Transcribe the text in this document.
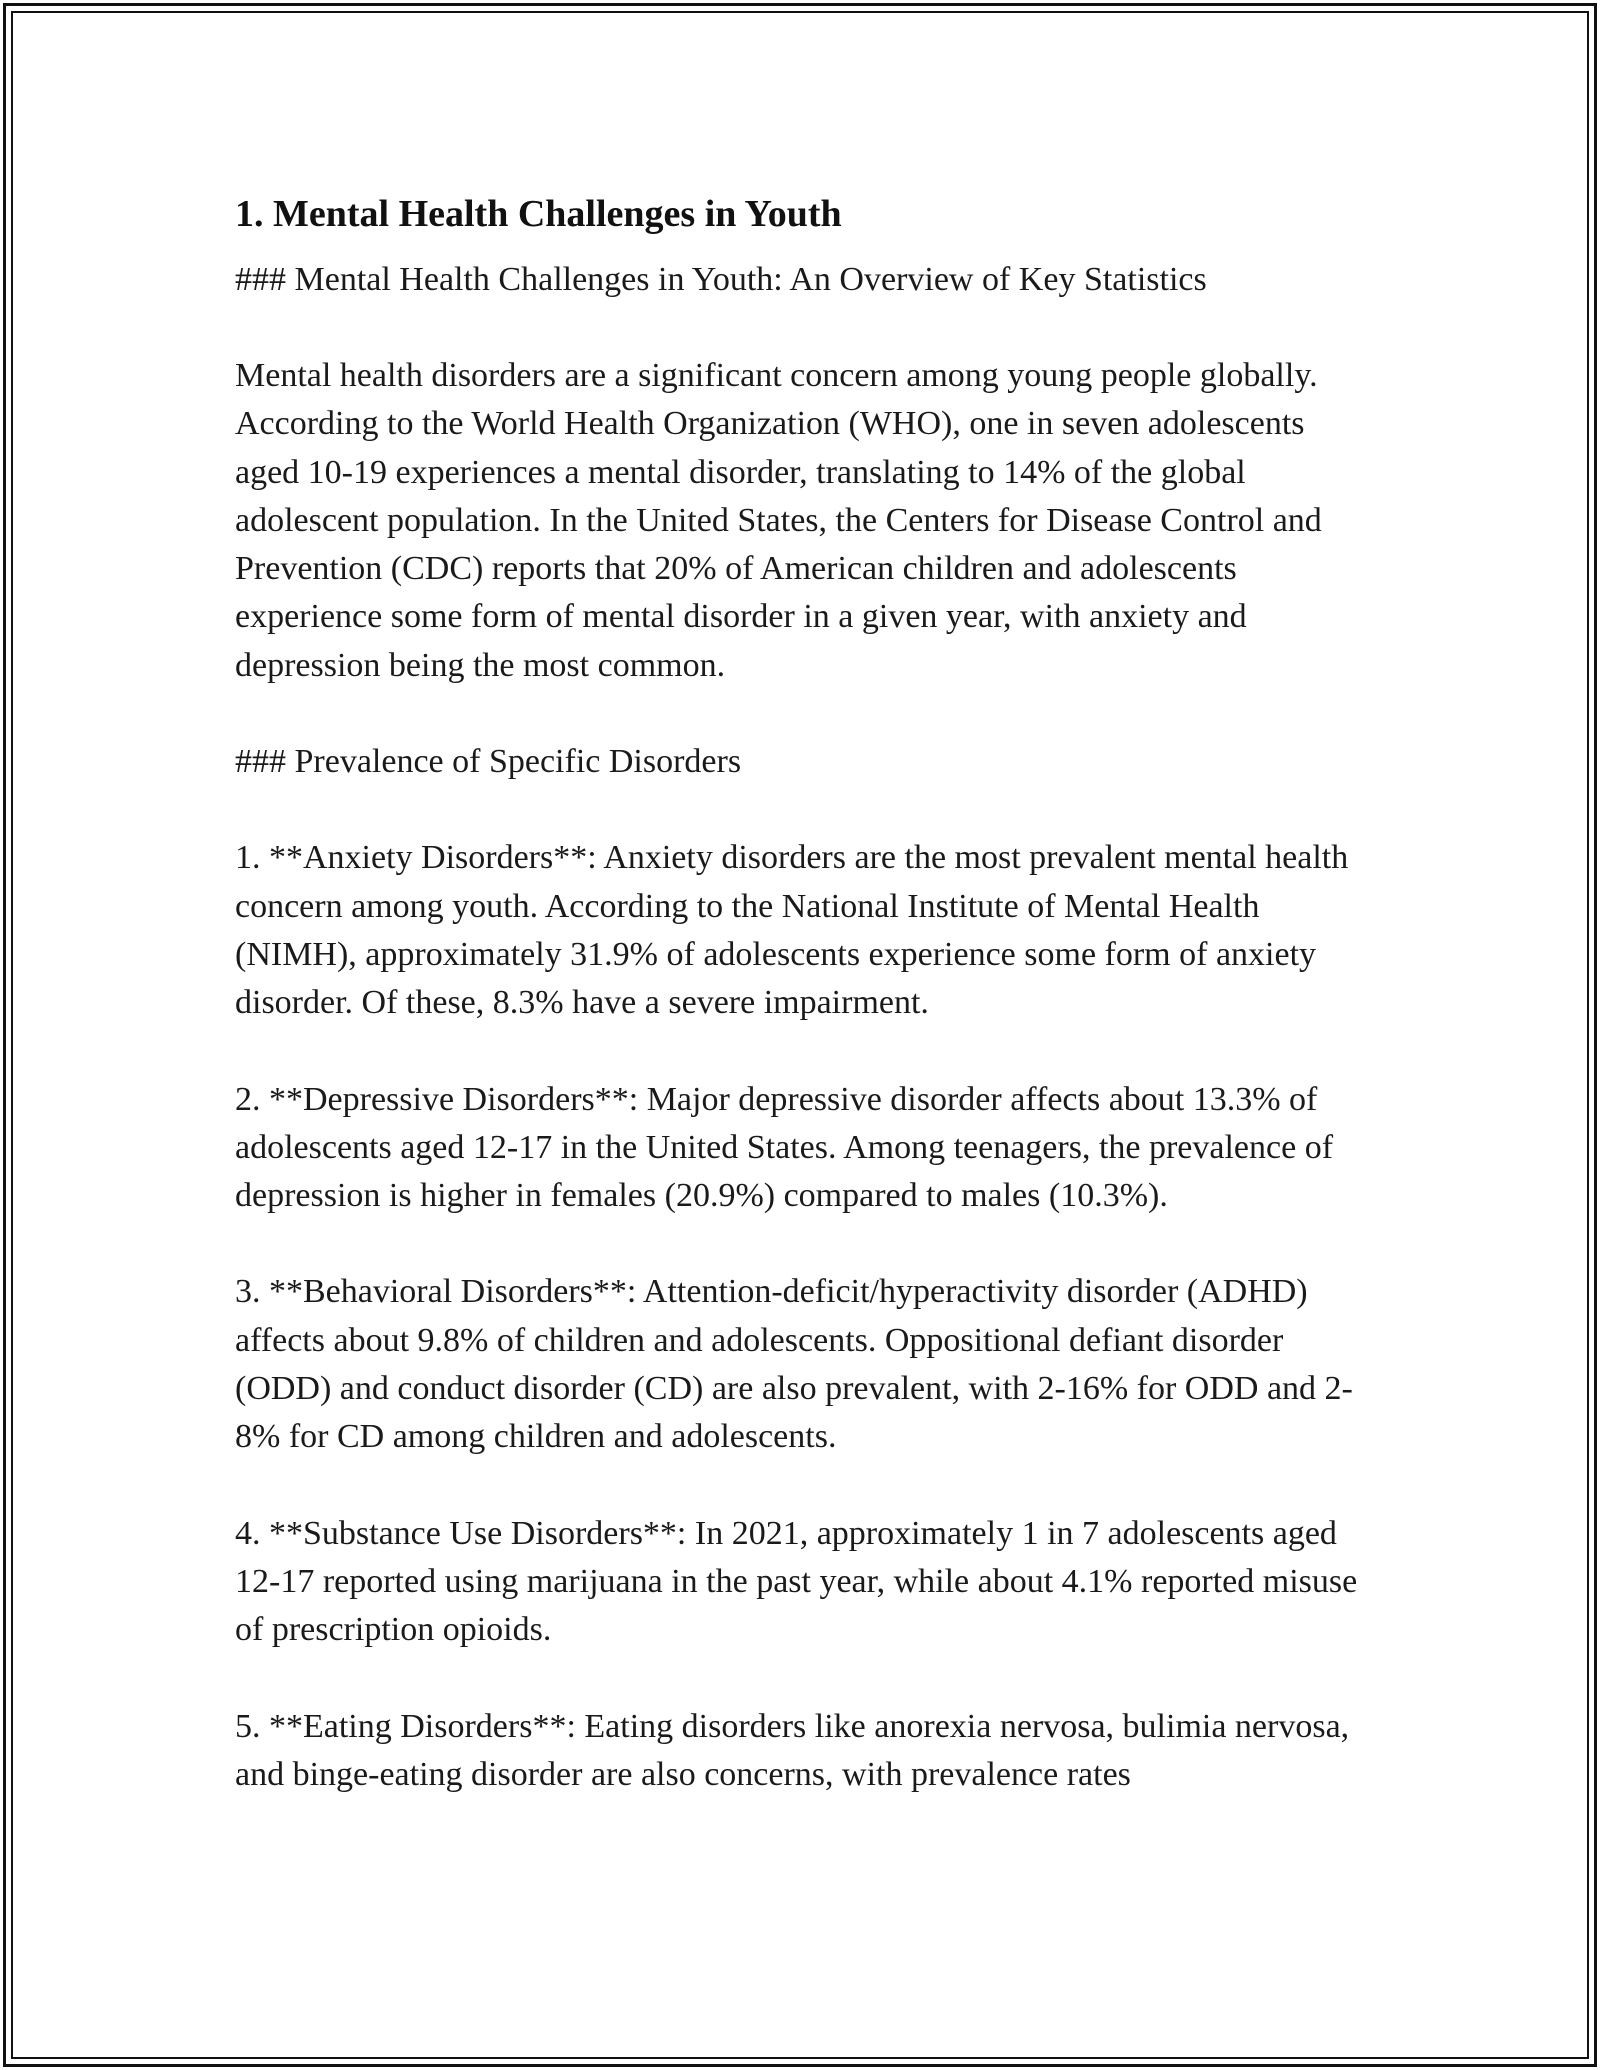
1. Mental Health Challenges in Youth

### Mental Health Challenges in Youth: An Overview of Key Statistics

Mental health disorders are a significant concern among young people globally. According to the World Health Organization (WHO), one in seven adolescents aged 10-19 experiences a mental disorder, translating to 14% of the global adolescent population. In the United States, the Centers for Disease Control and Prevention (CDC) reports that 20% of American children and adolescents experience some form of mental disorder in a given year, with anxiety and depression being the most common.

### Prevalence of Specific Disorders

1. **Anxiety Disorders**: Anxiety disorders are the most prevalent mental health concern among youth. According to the National Institute of Mental Health (NIMH), approximately 31.9% of adolescents experience some form of anxiety disorder. Of these, 8.3% have a severe impairment.

2. **Depressive Disorders**: Major depressive disorder affects about 13.3% of adolescents aged 12-17 in the United States. Among teenagers, the prevalence of depression is higher in females (20.9%) compared to males (10.3%).

3. **Behavioral Disorders**: Attention-deficit/hyperactivity disorder (ADHD) affects about 9.8% of children and adolescents. Oppositional defiant disorder (ODD) and conduct disorder (CD) are also prevalent, with 2-16% for ODD and 2-8% for CD among children and adolescents.

4. **Substance Use Disorders**: In 2021, approximately 1 in 7 adolescents aged 12-17 reported using marijuana in the past year, while about 4.1% reported misuse of prescription opioids.

5. **Eating Disorders**: Eating disorders like anorexia nervosa, bulimia nervosa, and binge-eating disorder are also concerns, with prevalence rates
